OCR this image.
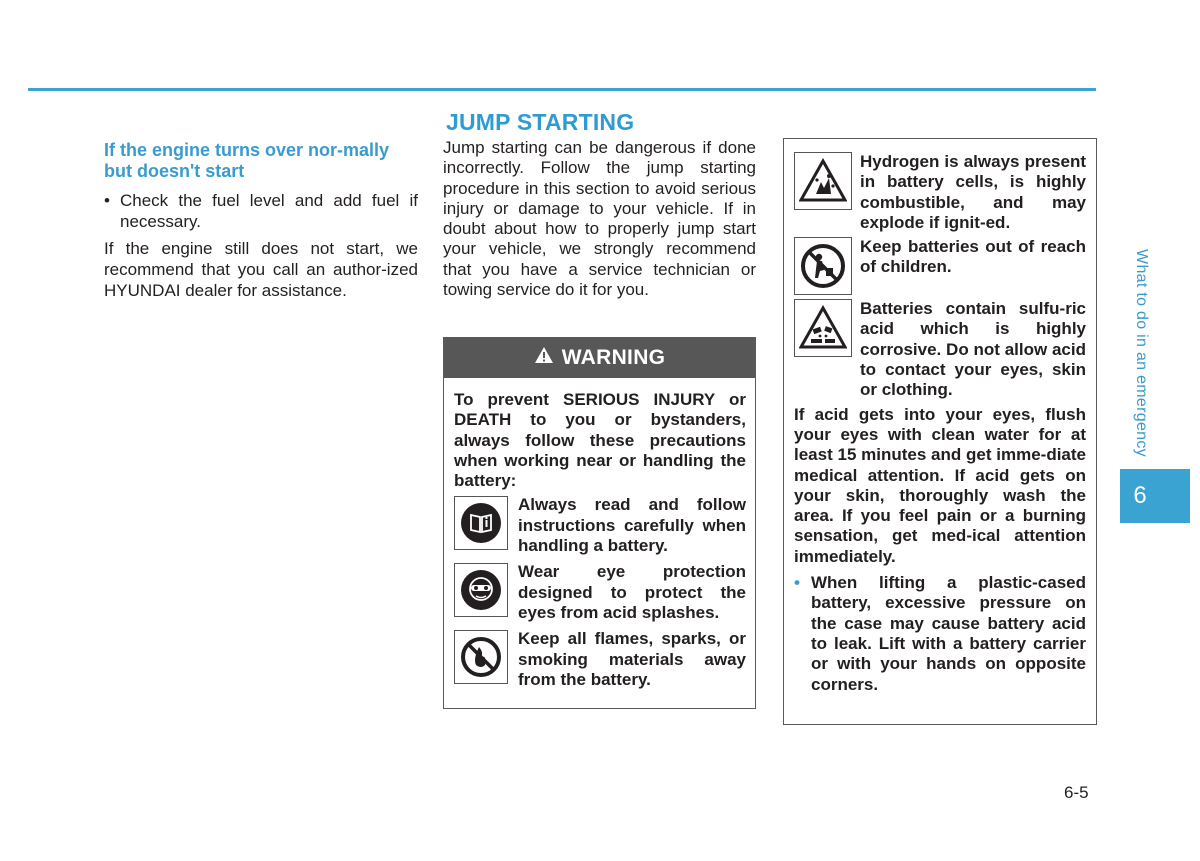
If the engine turns over nor-mally but doesn't start

• Check the fuel level and add fuel if necessary.

If the engine still does not start, we recommend that you call an author-ized HYUNDAI dealer for assistance.

JUMP STARTING

Jump starting can be dangerous if done incorrectly. Follow the jump starting procedure in this section to avoid serious injury or damage to your vehicle. If in doubt about how to properly jump start your vehicle, we strongly recommend that you have a service technician or towing service do it for you.

WARNING

To prevent SERIOUS INJURY or DEATH to you or bystanders, always follow these precautions when working near or handling the battery:

Always read and follow instructions carefully when handling a battery.
Wear eye protection designed to protect the eyes from acid splashes.
Keep all flames, sparks, or smoking materials away from the battery.
Hydrogen is always present in battery cells, is highly combustible, and may explode if ignit-ed.
Keep batteries out of reach of children.
Batteries contain sulfu-ric acid which is highly corrosive. Do not allow acid to contact your eyes, skin or clothing.

If acid gets into your eyes, flush your eyes with clean water for at least 15 minutes and get imme-diate medical attention. If acid gets on your skin, thoroughly wash the area. If you feel pain or a burning sensation, get med-ical attention immediately.

• When lifting a plastic-cased battery, excessive pressure on the case may cause battery acid to leak. Lift with a battery carrier or with your hands on opposite corners.
What to do in an emergency
6
6-5
